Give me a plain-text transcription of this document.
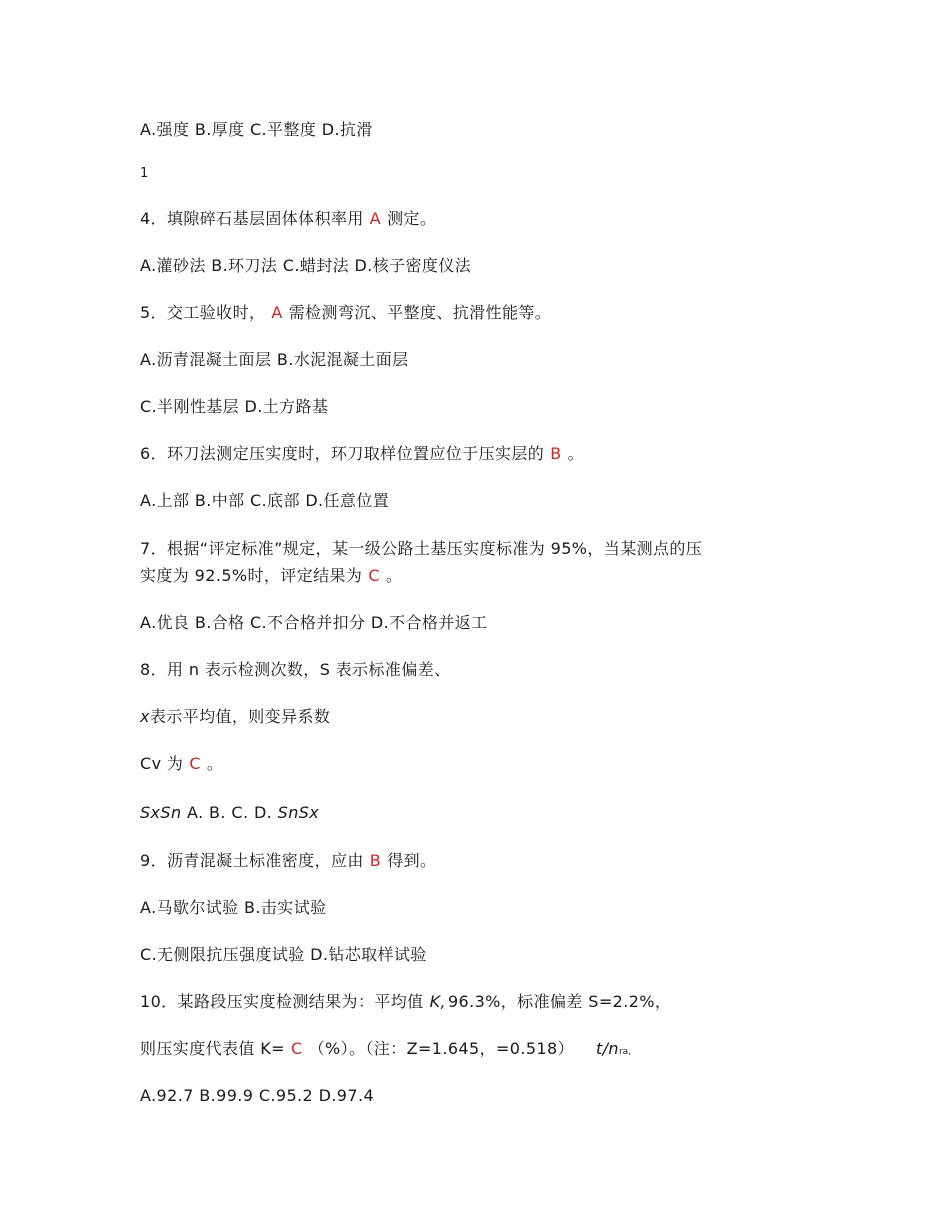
A.强度 B.厚度 C.平整度 D.抗滑
1
4．填隙碎石基层固体体积率用 A 测定。
A.灌砂法 B.环刀法 C.蜡封法 D.核子密度仪法
5．交工验收时， A 需检测弯沉、平整度、抗滑性能等。
A.沥青混凝土面层 B.水泥混凝土面层
C.半刚性基层 D.土方路基
6．环刀法测定压实度时，环刀取样位置应位于压实层的 B 。
A.上部 B.中部 C.底部 D.任意位置
7．根据“评定标准”规定，某一级公路土基压实度标准为 95%，当某测点的压
实度为 92.5%时，评定结果为 C 。
A.优良 B.合格 C.不合格并扣分 D.不合格并返工
8．用 n 表示检测次数，S 表示标准偏差、
x表示平均值，则变异系数
Cv 为 C 。
SxSn A. B. C. D. SnSx
9．沥青混凝土标准密度，应由 B 得到。
A.马歇尔试验 B.击实试验
C.无侧限抗压强度试验 D.钻芯取样试验
10．某路段压实度检测结果为：平均值 K, 96.3%，标准偏差 S=2.2%，
则压实度代表值 K= C （%）。（注：Z=1.645，=0.518） t/nra,
A.92.7 B.99.9 C.95.2 D.97.4
